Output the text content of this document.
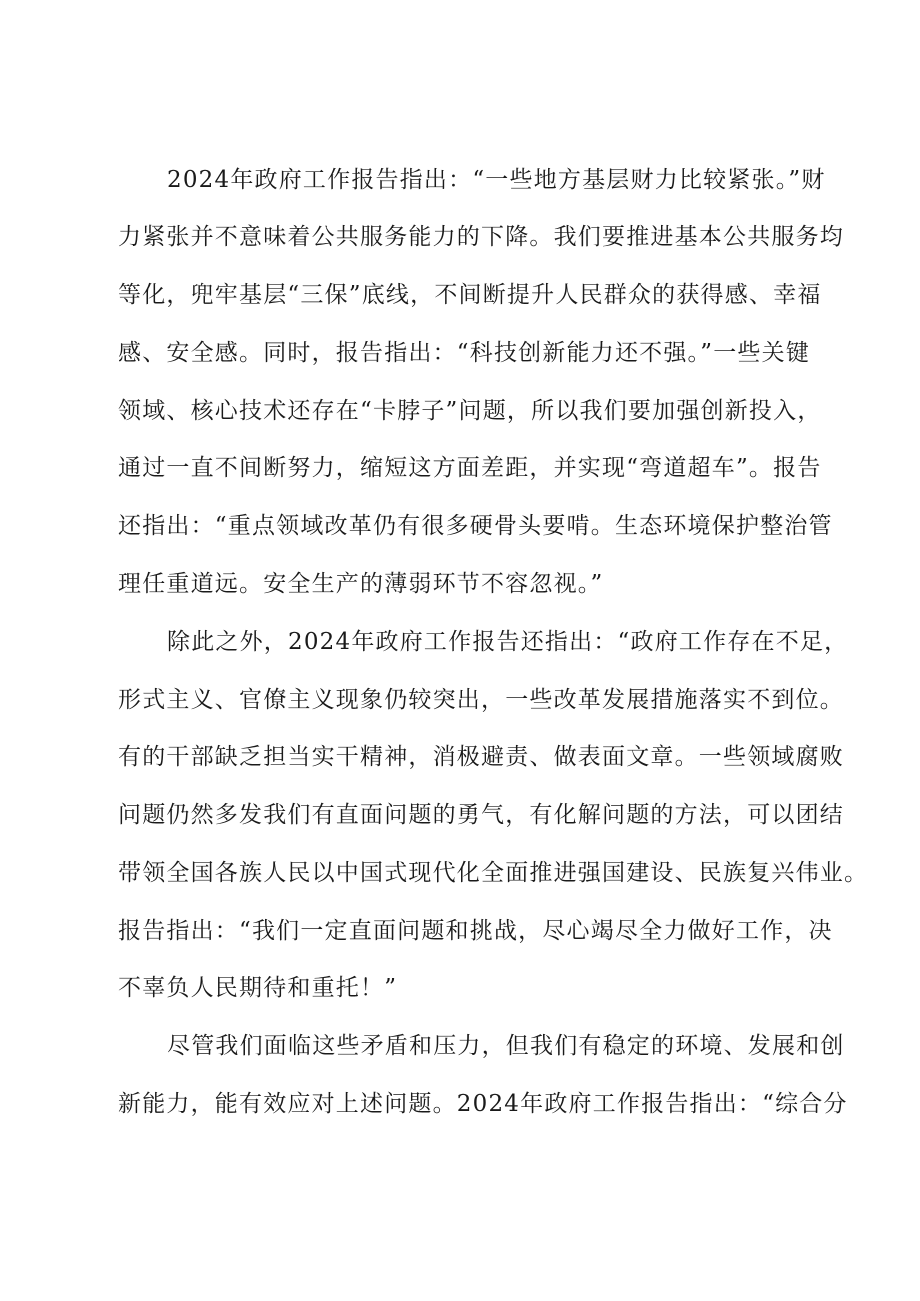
2024年政府工作报告指出：“一些地方基层财力比较紧张。”财
力紧张并不意味着公共服务能力的下降。我们要推进基本公共服务均
等化，兜牢基层“三保”底线，不间断提升人民群众的获得感、幸福
感、安全感。同时，报告指出：“科技创新能力还不强。”一些关键
领域、核心技术还存在“卡脖子”问题，所以我们要加强创新投入，
通过一直不间断努力，缩短这方面差距，并实现“弯道超车”。报告
还指出：“重点领域改革仍有很多硬骨头要啃。生态环境保护整治管
理任重道远。安全生产的薄弱环节不容忽视。”
除此之外，2024年政府工作报告还指出：“政府工作存在不足，
形式主义、官僚主义现象仍较突出，一些改革发展措施落实不到位。
有的干部缺乏担当实干精神，消极避责、做表面文章。一些领域腐败
问题仍然多发我们有直面问题的勇气，有化解问题的方法，可以团结
带领全国各族人民以中国式现代化全面推进强国建设、民族复兴伟业。
报告指出：“我们一定直面问题和挑战，尽心竭尽全力做好工作，决
不辜负人民期待和重托！”
尽管我们面临这些矛盾和压力，但我们有稳定的环境、发展和创
新能力，能有效应对上述问题。2024年政府工作报告指出：“综合分
